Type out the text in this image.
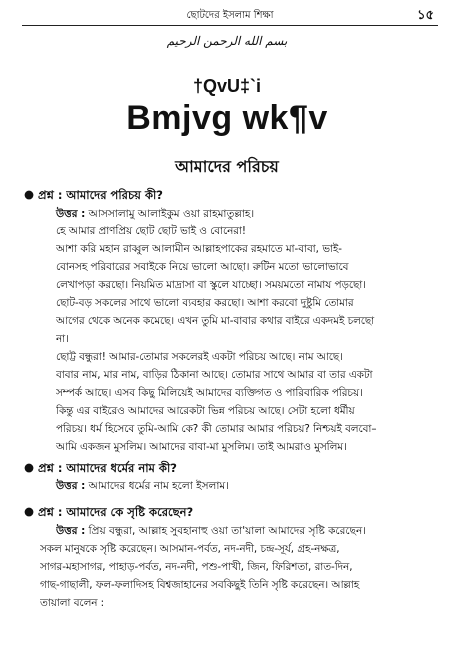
ছোটদের ইসলাম শিক্ষা	১৫
بسم الله الرحمن الرحيم
†QvU‡`i
Bmjvg wk¶v
আমাদের পরিচয়
● প্রশ্ন : আমাদের পরিচয় কী?
উত্তর : আসসালামু আলাইকুম ওয়া রাহমাতুল্লাহ।
হে আমার প্রাণপ্রিয় ছোট ছোট ভাই ও বোনেরা!
আশা করি মহান রাব্বুল আলামীন আল্লাহপাকের রহমাতে মা-বাবা, ভাই-
বোনসহ পরিবারের সবাইকে নিয়ে ভালো আছো। রুটিন মতো ভালোভাবে
লেখাপড়া করছো। নিয়মিত মাদ্রাসা বা স্কুলে যাচ্ছো। সময়মতো নামায পড়ছো।
ছোট-বড় সকলের সাথে ভালো ব্যবহার করছো। আশা করবো দুষ্টুমি তোমার
আগের থেকে অনেক কমেছে। এখন তুমি মা-বাবার কথার বাইরে একদমই চলছো
না।
ছোট্ট বন্ধুরা! আমার-তোমার সকলেরই একটা পরিচয় আছে। নাম আছে।
বাবার নাম, মার নাম, বাড়ির ঠিকানা আছে। তোমার সাথে আমার বা তার একটা
সম্পর্ক আছে। এসব কিছু মিলিয়েই আমাদের ব্যক্তিগত ও পারিবারিক পরিচয়।
কিন্তু এর বাইরেও আমাদের আরেকটা ভিন্ন পরিচয় আছে। সেটা হলো ধর্মীয়
পরিচয়। ধর্ম হিসেবে তুমি-আমি কে? কী তোমার আমার পরিচয়? নিশ্চয়ই বলবো–
আমি একজন মুসলিম। আমাদের বাবা-মা মুসলিম। তাই আমরাও মুসলিম।
● প্রশ্ন : আমাদের ধর্মের নাম কী?
উত্তর : আমাদের ধর্মের নাম হলো ইসলাম।
● প্রশ্ন : আমাদের কে সৃষ্টি করেছেন?
উত্তর : প্রিয় বন্ধুরা, আল্লাহ সুবহানাহু ওয়া তা'য়ালা আমাদের সৃষ্টি করেছেন।
সকল মানুষকে সৃষ্টি করেছেন। আসমান-পর্বত, নদ-নদী, চন্দ্র-সূর্য, গ্রহ-নক্ষত্র,
সাগর-মহাসাগর, পাহাড়-পর্বত, নদ-নদী, পশু-পাখী, জিন, ফিরিশতা, রাত-দিন,
গাছ-গাছালী, ফল-ফলাদিসহ বিশ্বজাহানের সবকিছুই তিনি সৃষ্টি করেছেন। আল্লাহ
তায়ালা বলেন :
